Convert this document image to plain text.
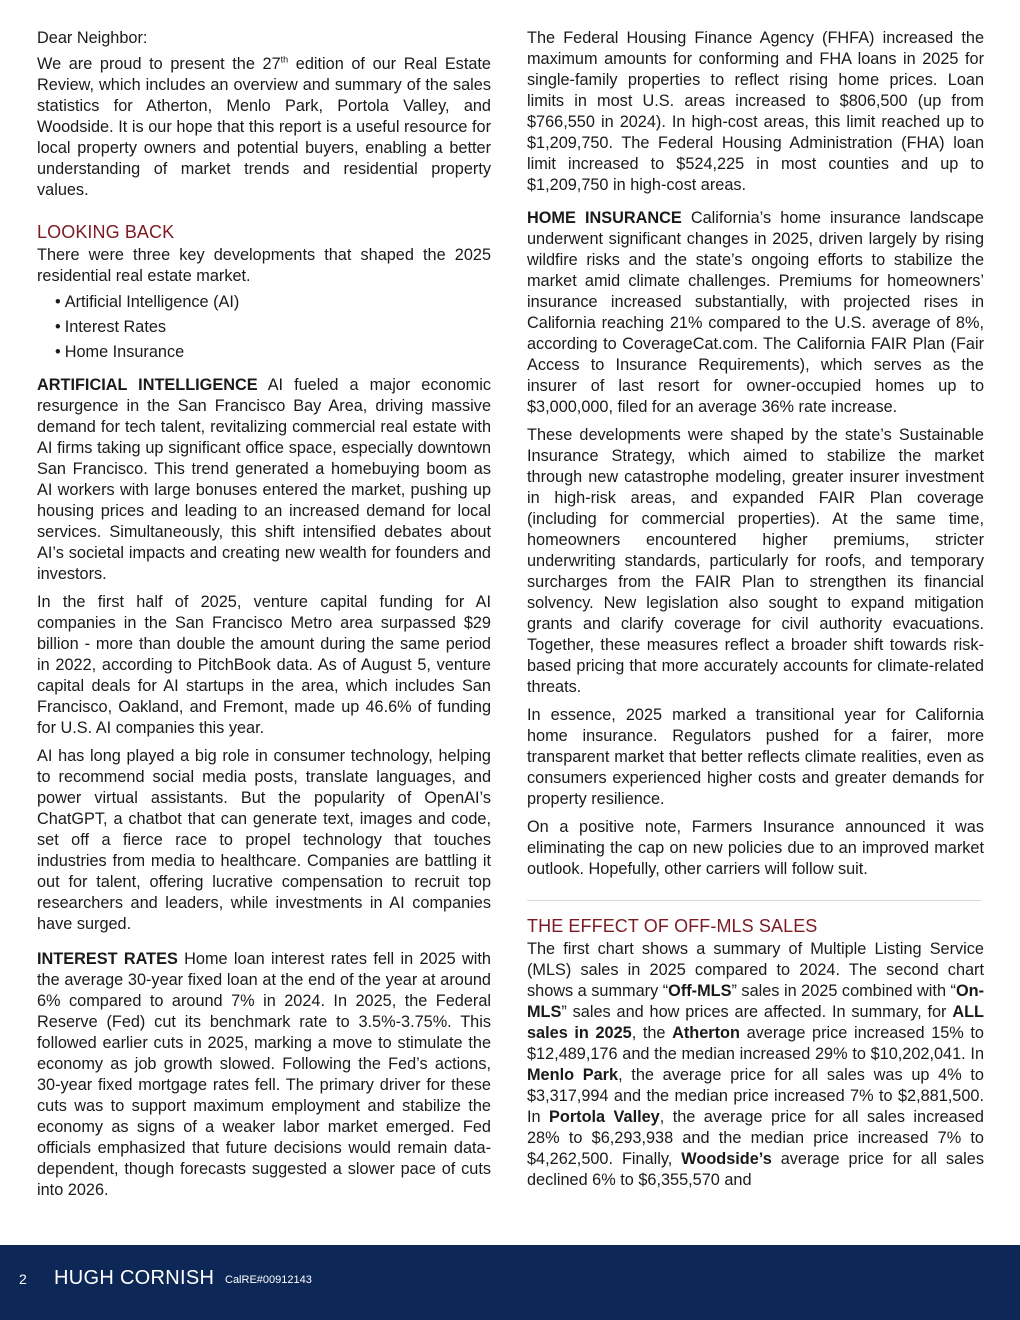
Dear Neighbor:

We are proud to present the 27th edition of our Real Estate Review, which includes an overview and summary of the sales statistics for Atherton, Menlo Park, Portola Valley, and Woodside. It is our hope that this report is a useful resource for local property owners and potential buyers, enabling a better understanding of market trends and residential property values.

LOOKING BACK

There were three key developments that shaped the 2025 residential real estate market.

• Artificial Intelligence (AI)
• Interest Rates
• Home Insurance

ARTIFICIAL INTELLIGENCE AI fueled a major economic resurgence in the San Francisco Bay Area, driving massive demand for tech talent, revitalizing commercial real estate with AI firms taking up significant office space, especially downtown San Francisco. This trend generated a homebuying boom as AI workers with large bonuses entered the market, pushing up housing prices and leading to an increased demand for local services. Simultaneously, this shift intensified debates about AI’s societal impacts and creating new wealth for founders and investors.

In the first half of 2025, venture capital funding for AI companies in the San Francisco Metro area surpassed $29 billion - more than double the amount during the same period in 2022, according to PitchBook data. As of August 5, venture capital deals for AI startups in the area, which includes San Francisco, Oakland, and Fremont, made up 46.6% of funding for U.S. AI companies this year.

AI has long played a big role in consumer technology, helping to recommend social media posts, translate languages, and power virtual assistants. But the popularity of OpenAI’s ChatGPT, a chatbot that can generate text, images and code, set off a fierce race to propel technology that touches industries from media to healthcare. Companies are battling it out for talent, offering lucrative compensation to recruit top researchers and leaders, while investments in AI companies have surged.

INTEREST RATES Home loan interest rates fell in 2025 with the average 30-year fixed loan at the end of the year at around 6% compared to around 7% in 2024. In 2025, the Federal Reserve (Fed) cut its benchmark rate to 3.5%-3.75%. This followed earlier cuts in 2025, marking a move to stimulate the economy as job growth slowed. Following the Fed’s actions, 30-year fixed mortgage rates fell. The primary driver for these cuts was to support maximum employment and stabilize the economy as signs of a weaker labor market emerged. Fed officials emphasized that future decisions would remain data-dependent, though forecasts suggested a slower pace of cuts into 2026.

The Federal Housing Finance Agency (FHFA) increased the maximum amounts for conforming and FHA loans in 2025 for single-family properties to reflect rising home prices. Loan limits in most U.S. areas increased to $806,500 (up from $766,550 in 2024). In high-cost areas, this limit reached up to $1,209,750. The Federal Housing Administration (FHA) loan limit increased to $524,225 in most counties and up to $1,209,750 in high-cost areas.

HOME INSURANCE California’s home insurance landscape underwent significant changes in 2025, driven largely by rising wildfire risks and the state’s ongoing efforts to stabilize the market amid climate challenges. Premiums for homeowners’ insurance increased substantially, with projected rises in California reaching 21% compared to the U.S. average of 8%, according to CoverageCat.com. The California FAIR Plan (Fair Access to Insurance Requirements), which serves as the insurer of last resort for owner-occupied homes up to $3,000,000, filed for an average 36% rate increase.

These developments were shaped by the state’s Sustainable Insurance Strategy, which aimed to stabilize the market through new catastrophe modeling, greater insurer investment in high-risk areas, and expanded FAIR Plan coverage (including for commercial properties). At the same time, homeowners encountered higher premiums, stricter underwriting standards, particularly for roofs, and temporary surcharges from the FAIR Plan to strengthen its financial solvency. New legislation also sought to expand mitigation grants and clarify coverage for civil authority evacuations. Together, these measures reflect a broader shift towards risk-based pricing that more accurately accounts for climate-related threats.

In essence, 2025 marked a transitional year for California home insurance. Regulators pushed for a fairer, more transparent market that better reflects climate realities, even as consumers experienced higher costs and greater demands for property resilience.

On a positive note, Farmers Insurance announced it was eliminating the cap on new policies due to an improved market outlook. Hopefully, other carriers will follow suit.

THE EFFECT OF OFF-MLS SALES

The first chart shows a summary of Multiple Listing Service (MLS) sales in 2025 compared to 2024. The second chart shows a summary “Off-MLS” sales in 2025 combined with “On-MLS” sales and how prices are affected. In summary, for ALL sales in 2025, the Atherton average price increased 15% to $12,489,176 and the median increased 29% to $10,202,041. In Menlo Park, the average price for all sales was up 4% to $3,317,994 and the median price increased 7% to $2,881,500. In Portola Valley, the average price for all sales increased 28% to $6,293,938 and the median price increased 7% to $4,262,500. Finally, Woodside’s average price for all sales declined 6% to $6,355,570 and

2 HUGH CORNISH CalRE#00912143
